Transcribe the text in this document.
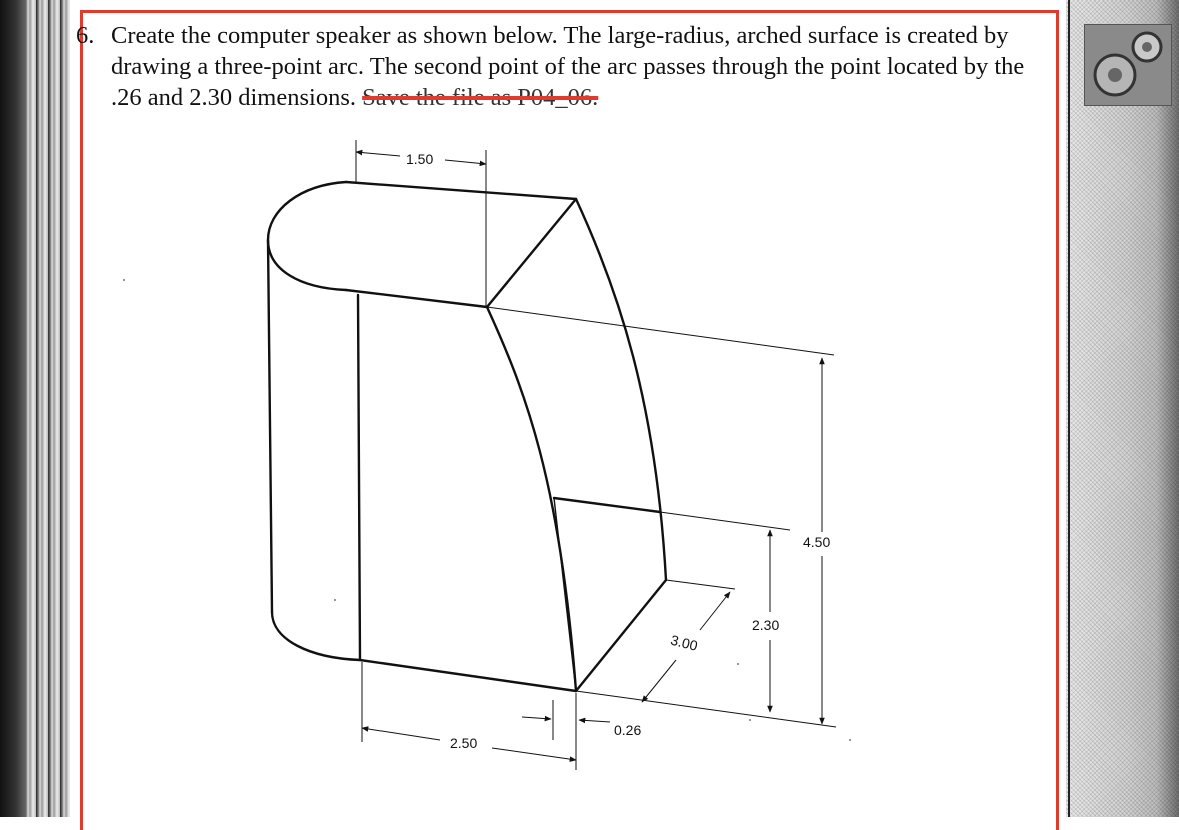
6. Create the computer speaker as shown below. The large-radius, arched surface is created by drawing a three-point arc. The second point of the arc passes through the point located by the .26 and 2.30 dimensions. Save the file as P04_06.
1.50
4.50
2.30
3.00
2.50
0.26
